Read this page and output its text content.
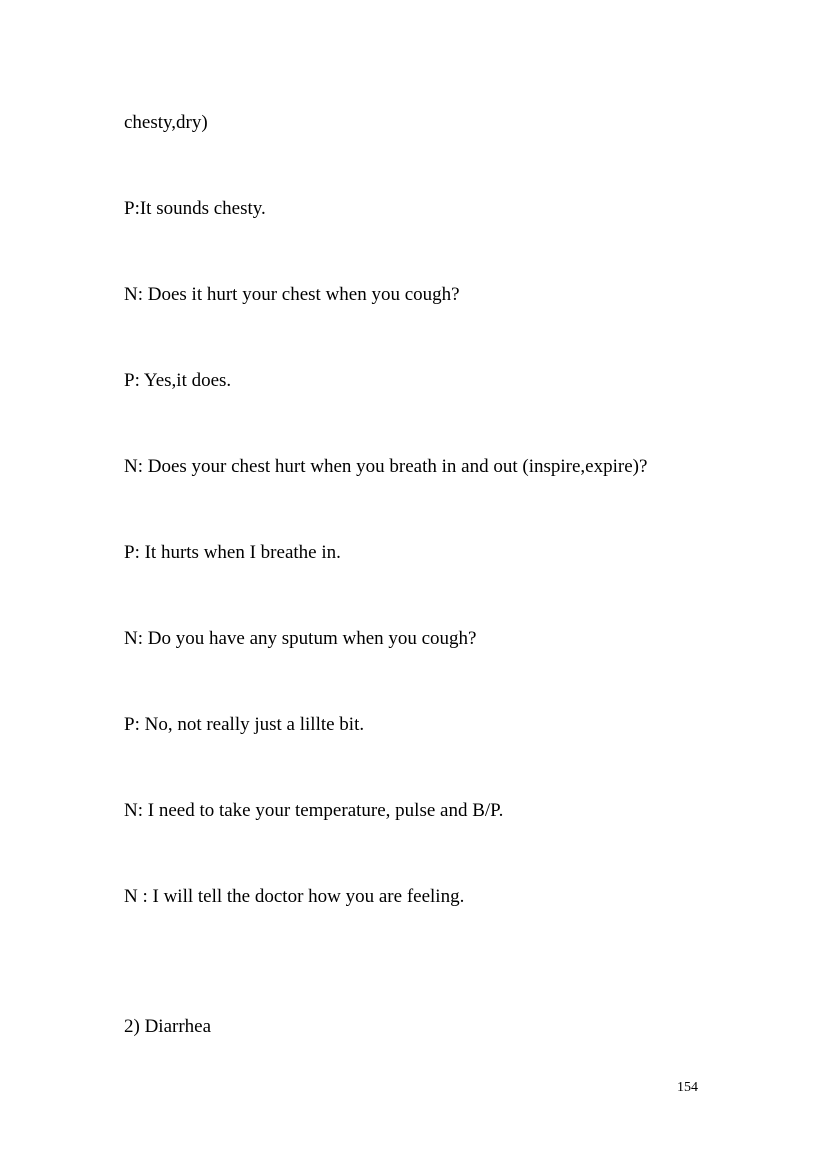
chesty,dry)
P:It sounds chesty.
N: Does it hurt your chest when you cough?
P: Yes,it does.
N: Does your chest hurt when you breath in and out (inspire,expire)?
P: It hurts when I breathe in.
N: Do you have any sputum when you cough?
P: No, not really just a lillte bit.
N: I need to take your temperature, pulse and B/P.
N : I will tell the doctor how you are feeling.
2) Diarrhea
154
